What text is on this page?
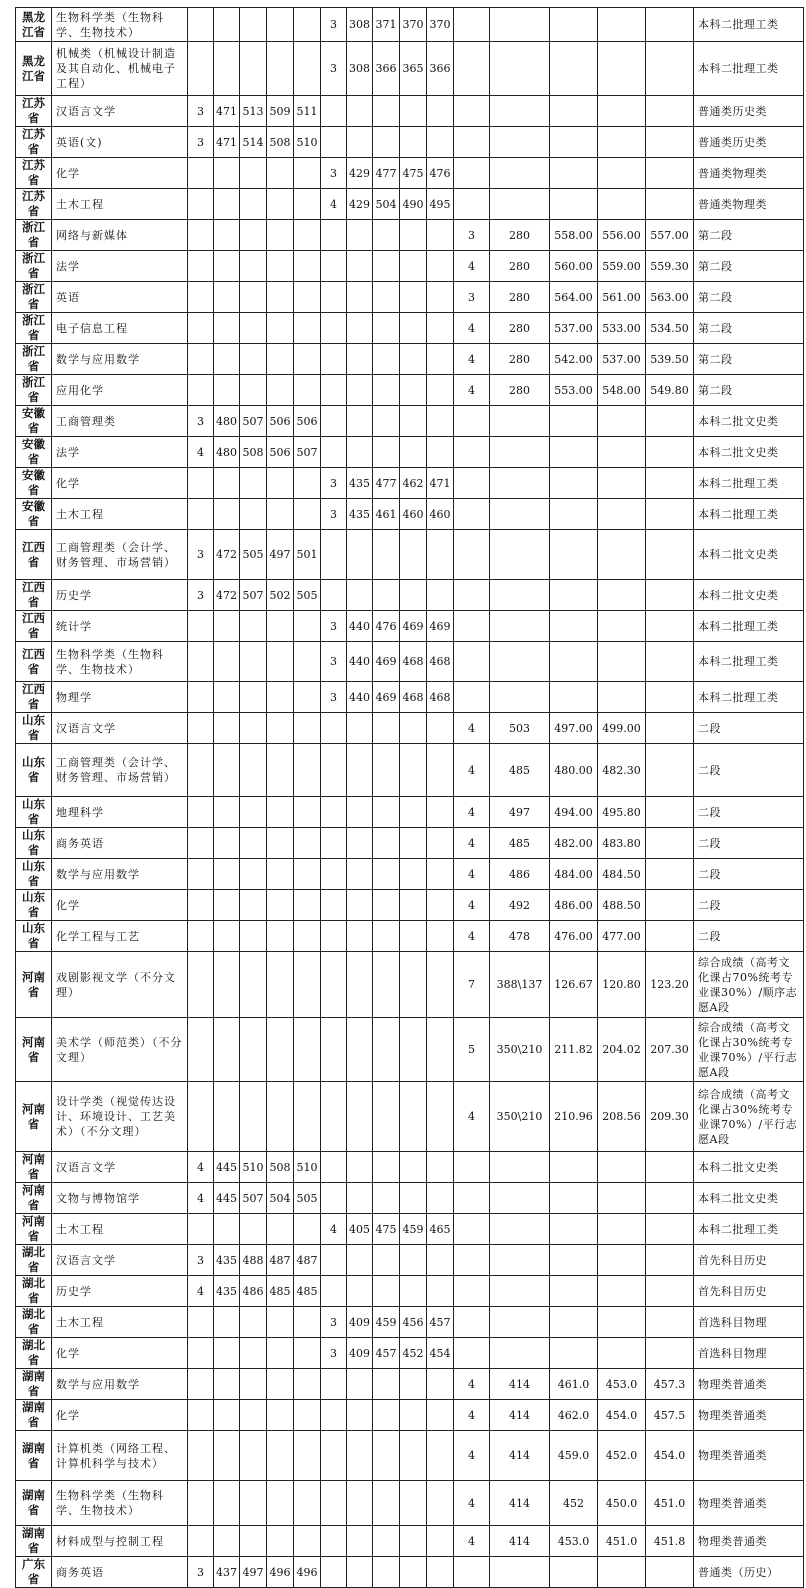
黑龙江省	生物科学类（生物科学、生物技术）						3	308	371	370	370						本科二批理工类
黑龙江省	机械类（机械设计制造及其自动化、机械电子工程）						3	308	366	365	366						本科二批理工类
江苏省	汉语言文学	3	471	513	509	511											普通类历史类
江苏省	英语(文)	3	471	514	508	510											普通类历史类
江苏省	化学						3	429	477	475	476						普通类物理类
江苏省	土木工程						4	429	504	490	495						普通类物理类
浙江省	网络与新媒体											3	280	558.00	556.00	557.00	第二段
浙江省	法学											4	280	560.00	559.00	559.30	第二段
浙江省	英语											3	280	564.00	561.00	563.00	第二段
浙江省	电子信息工程											4	280	537.00	533.00	534.50	第二段
浙江省	数学与应用数学											4	280	542.00	537.00	539.50	第二段
浙江省	应用化学											4	280	553.00	548.00	549.80	第二段
安徽省	工商管理类	3	480	507	506	506											本科二批文史类
安徽省	法学	4	480	508	506	507											本科二批文史类
安徽省	化学						3	435	477	462	471						本科二批理工类
安徽省	土木工程						3	435	461	460	460						本科二批理工类
江西省	工商管理类（会计学、财务管理、市场营销）	3	472	505	497	501											本科二批文史类
江西省	历史学	3	472	507	502	505											本科二批文史类
江西省	统计学						3	440	476	469	469						本科二批理工类
江西省	生物科学类（生物科学、生物技术）						3	440	469	468	468						本科二批理工类
江西省	物理学						3	440	469	468	468						本科二批理工类
山东省	汉语言文学											4	503	497.00	499.00		二段
山东省	工商管理类（会计学、财务管理、市场营销）											4	485	480.00	482.30		二段
山东省	地理科学											4	497	494.00	495.80		二段
山东省	商务英语											4	485	482.00	483.80		二段
山东省	数学与应用数学											4	486	484.00	484.50		二段
山东省	化学											4	492	486.00	488.50		二段
山东省	化学工程与工艺											4	478	476.00	477.00		二段
河南省	戏剧影视文学（不分文理）											7	388\137	126.67	120.80	123.20	综合成绩（高考文化课占70%统考专业课30%）/顺序志愿A段
河南省	美术学（师范类）（不分文理）											5	350\210	211.82	204.02	207.30	综合成绩（高考文化课占30%统考专业课70%）/平行志愿A段
河南省	设计学类（视觉传达设计、环境设计、工艺美术）（不分文理）											4	350\210	210.96	208.56	209.30	综合成绩（高考文化课占30%统考专业课70%）/平行志愿A段
河南省	汉语言文学	4	445	510	508	510											本科二批文史类
河南省	文物与博物馆学	4	445	507	504	505											本科二批文史类
河南省	土木工程						4	405	475	459	465						本科二批理工类
湖北省	汉语言文学	3	435	488	487	487											首先科目历史
湖北省	历史学	4	435	486	485	485											首先科目历史
湖北省	土木工程						3	409	459	456	457						首选科目物理
湖北省	化学						3	409	457	452	454						首选科目物理
湖南省	数学与应用数学											4	414	461.0	453.0	457.3	物理类普通类
湖南省	化学											4	414	462.0	454.0	457.5	物理类普通类
湖南省	计算机类（网络工程、计算机科学与技术）											4	414	459.0	452.0	454.0	物理类普通类
湖南省	生物科学类（生物科学、生物技术）											4	414	452	450.0	451.0	物理类普通类
湖南省	材料成型与控制工程											4	414	453.0	451.0	451.8	物理类普通类
广东省	商务英语	3	437	497	496	496											普通类（历史）
